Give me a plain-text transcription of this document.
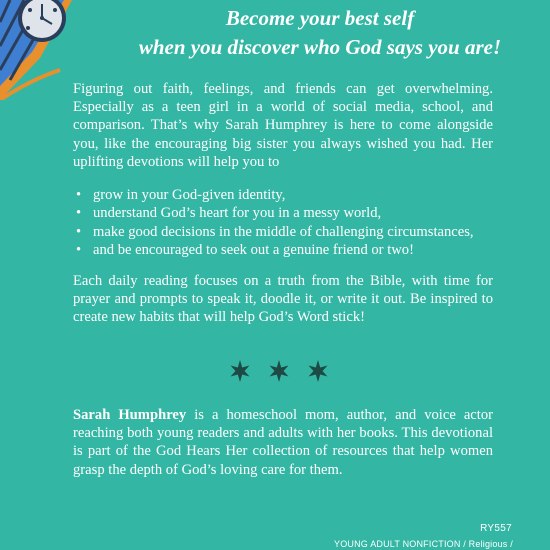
Become your best self
when you discover who God says you are!
Figuring out faith, feelings, and friends can get overwhelming. Especially as a teen girl in a world of social media, school, and comparison. That’s why Sarah Humphrey is here to come alongside you, like the encouraging big sister you always wished you had. Her uplifting devotions will help you to
• grow in your God-given identity,
• understand God’s heart for you in a messy world,
• make good decisions in the middle of challenging circumstances,
• and be encouraged to seek out a genuine friend or two!
Each daily reading focuses on a truth from the Bible, with time for prayer and prompts to speak it, doodle it, or write it out. Be inspired to create new habits that will help God’s Word stick!
Sarah Humphrey is a homeschool mom, author, and voice actor reaching both young readers and adults with her books. This devotional is part of the God Hears Her collection of resources that help women grasp the depth of God’s loving care for them.
RY557
YOUNG ADULT NONFICTION / Religious /
